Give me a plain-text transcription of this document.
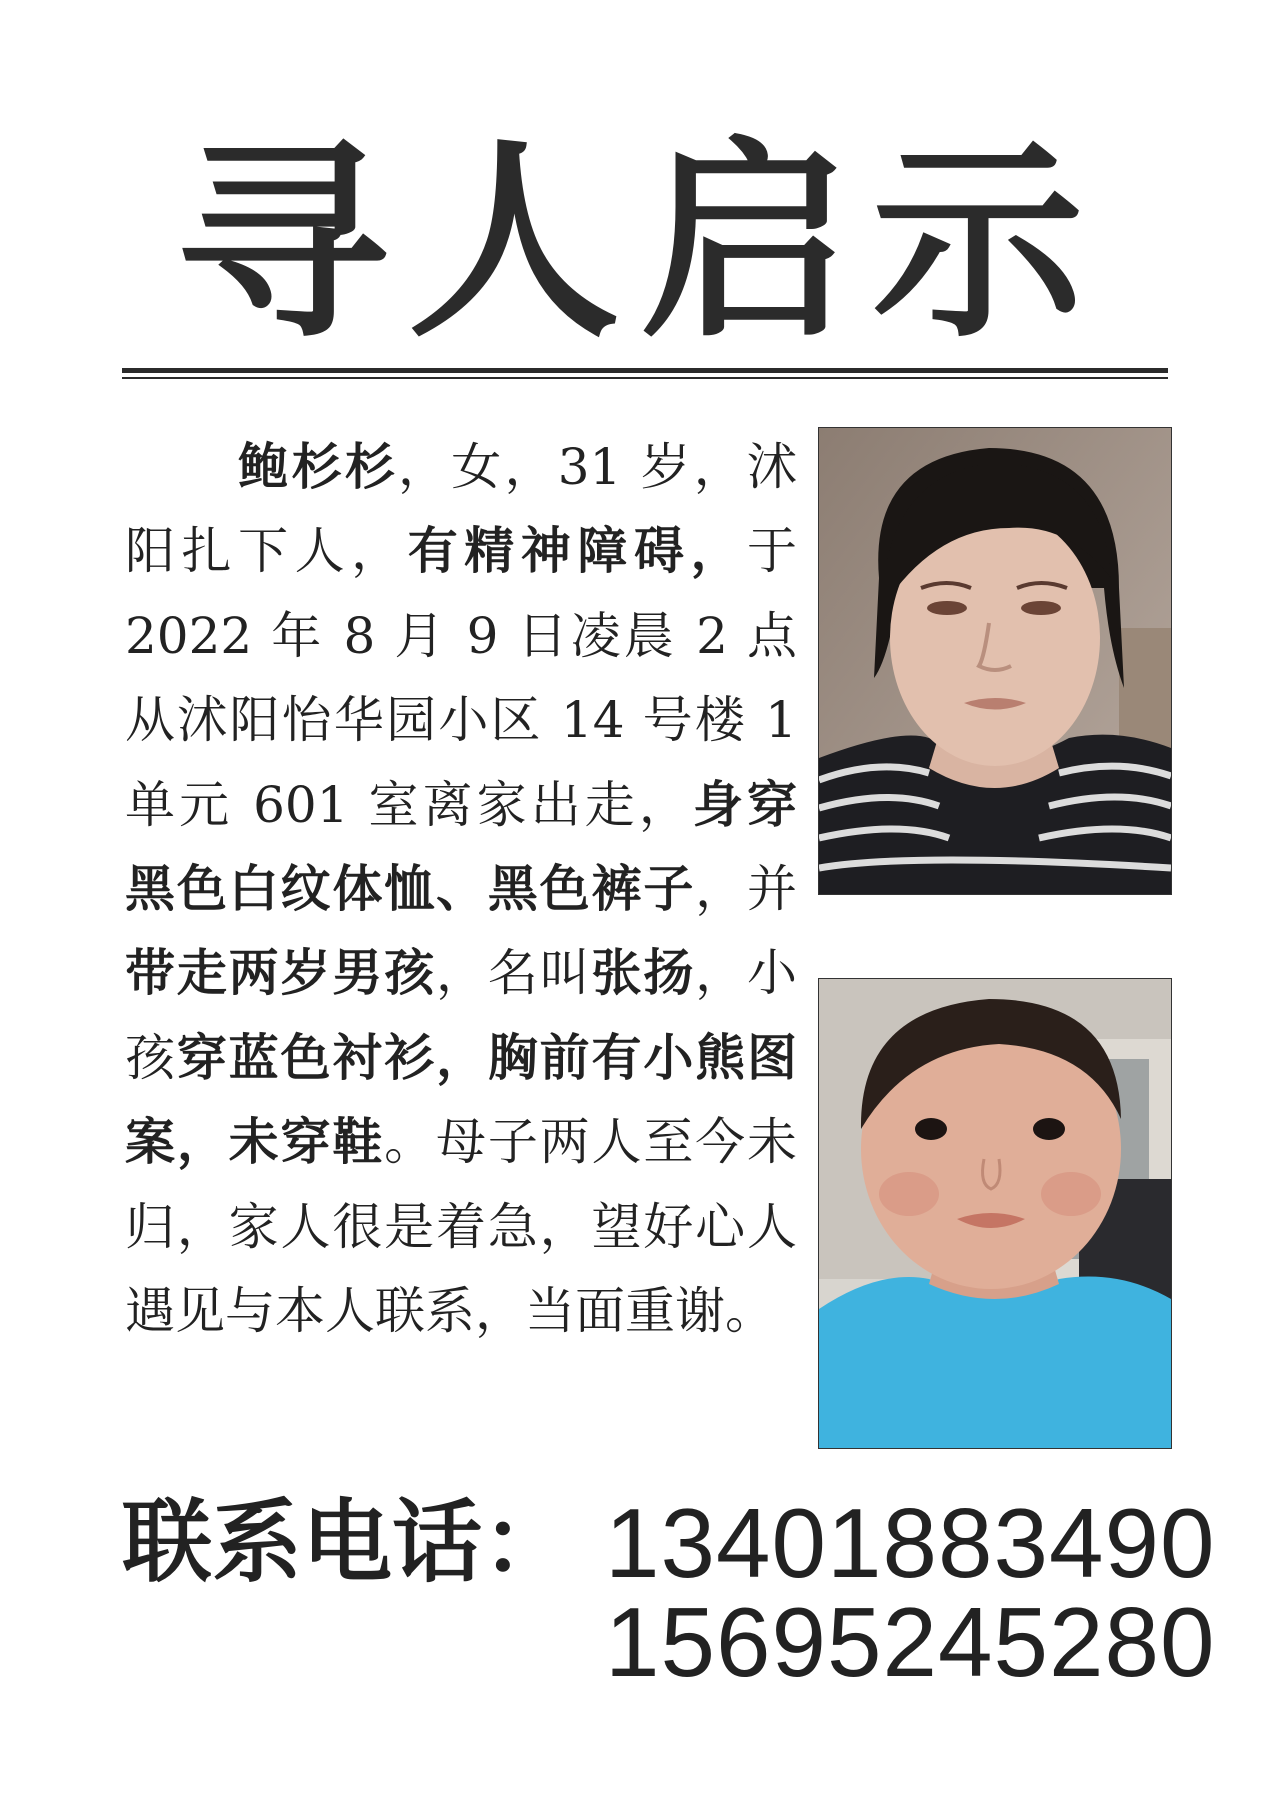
寻人启示
鲍杉杉，女，31 岁，沭阳扎下人，有精神障碍，于 2022 年 8 月 9 日凌晨 2 点从沭阳怡华园小区 14 号楼 1 单元 601 室离家出走，身穿黑色白纹体恤、黑色裤子，并带走两岁男孩，名叫张扬，小孩穿蓝色衬衫，胸前有小熊图案，未穿鞋。母子两人至今未归，家人很是着急，望好心人遇见与本人联系，当面重谢。
联系电话： 13401883490
15695245280
